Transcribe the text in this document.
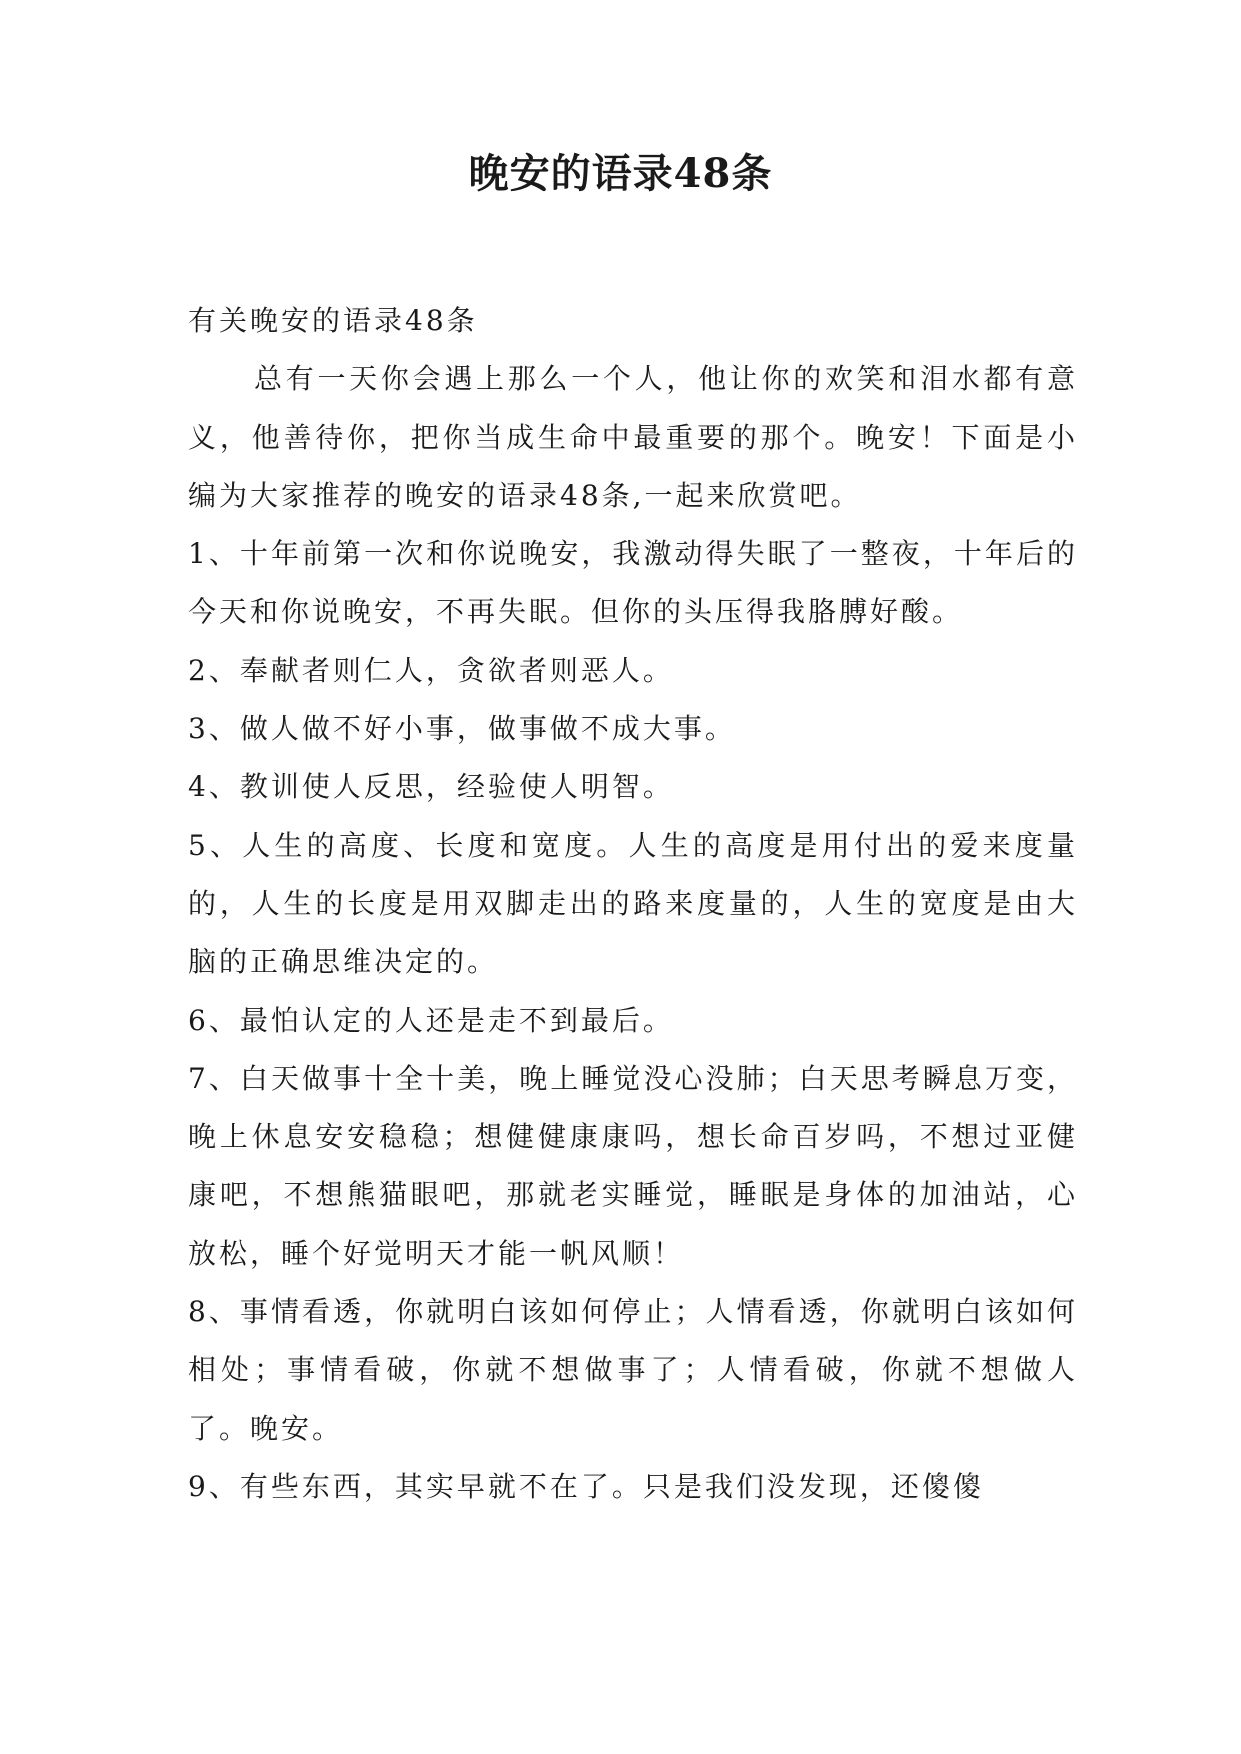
晚安的语录48条

有关晚安的语录48条

总有一天你会遇上那么一个人，他让你的欢笑和泪水都有意义，他善待你，把你当成生命中最重要的那个。晚安！下面是小编为大家推荐的晚安的语录48条,一起来欣赏吧。

1、十年前第一次和你说晚安，我激动得失眠了一整夜，十年后的今天和你说晚安，不再失眠。但你的头压得我胳膊好酸。

2、奉献者则仁人，贪欲者则恶人。

3、做人做不好小事，做事做不成大事。

4、教训使人反思，经验使人明智。

5、人生的高度、长度和宽度。人生的高度是用付出的爱来度量的，人生的长度是用双脚走出的路来度量的，人生的宽度是由大脑的正确思维决定的。

6、最怕认定的人还是走不到最后。

7、白天做事十全十美，晚上睡觉没心没肺；白天思考瞬息万变，晚上休息安安稳稳；想健健康康吗，想长命百岁吗，不想过亚健康吧，不想熊猫眼吧，那就老实睡觉，睡眠是身体的加油站，心放松，睡个好觉明天才能一帆风顺！

8、事情看透，你就明白该如何停止；人情看透，你就明白该如何相处；事情看破，你就不想做事了；人情看破，你就不想做人了。晚安。

9、有些东西，其实早就不在了。只是我们没发现，还傻傻
